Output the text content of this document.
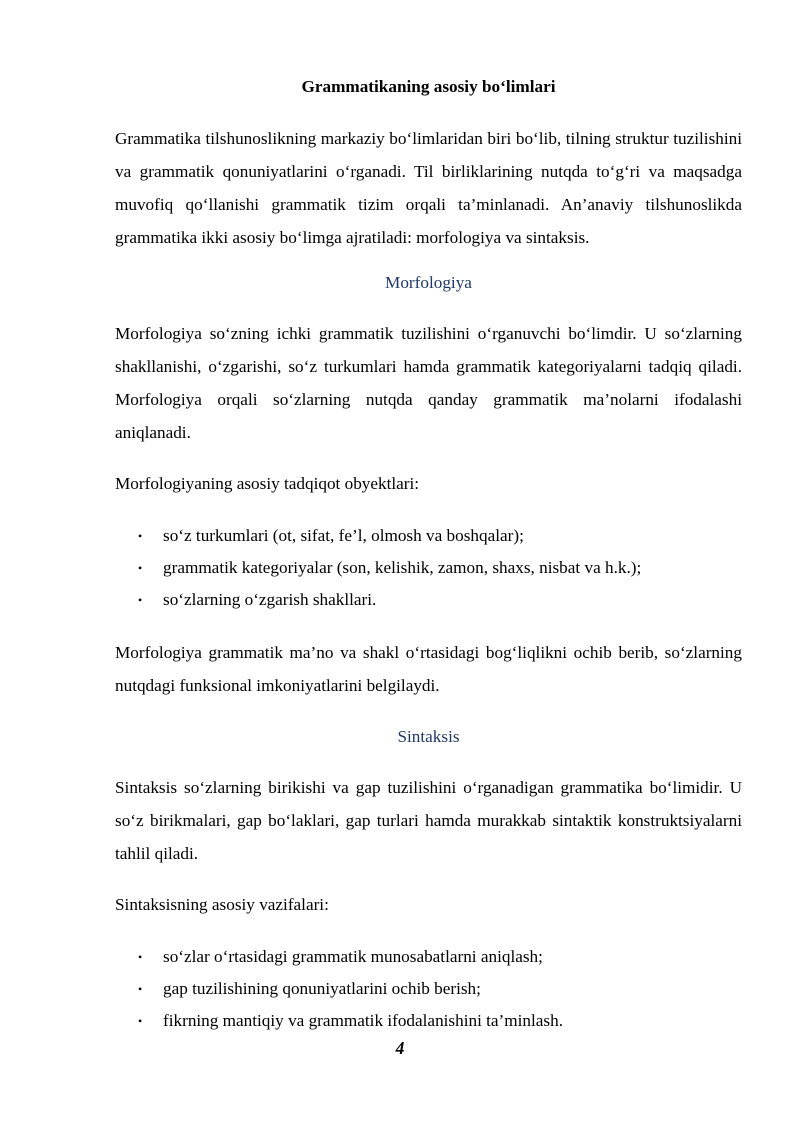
Grammatikaning asosiy bo‘limlari

Grammatika tilshunoslikning markaziy bo‘limlaridan biri bo‘lib, tilning struktur tuzilishini va grammatik qonuniyatlarini o‘rganadi. Til birliklarining nutqda to‘g‘ri va maqsadga muvofiq qo‘llanishi grammatik tizim orqali ta’minlanadi. An’anaviy tilshunoslikda grammatika ikki asosiy bo‘limga ajratiladi: morfologiya va sintaksis.

Morfologiya

Morfologiya so‘zning ichki grammatik tuzilishini o‘rganuvchi bo‘limdir. U so‘zlarning shakllanishi, o‘zgarishi, so‘z turkumlari hamda grammatik kategoriyalarni tadqiq qiladi. Morfologiya orqali so‘zlarning nutqda qanday grammatik ma’nolarni ifodalashi aniqlanadi.

Morfologiyaning asosiy tadqiqot obyektlari:

• so‘z turkumlari (ot, sifat, fe’l, olmosh va boshqalar);
• grammatik kategoriyalar (son, kelishik, zamon, shaxs, nisbat va h.k.);
• so‘zlarning o‘zgarish shakllari.

Morfologiya grammatik ma’no va shakl o‘rtasidagi bog‘liqlikni ochib berib, so‘zlarning nutqdagi funksional imkoniyatlarini belgilaydi.

Sintaksis

Sintaksis so‘zlarning birikishi va gap tuzilishini o‘rganadigan grammatika bo‘limidir. U so‘z birikmalari, gap bo‘laklari, gap turlari hamda murakkab sintaktik konstruktsiyalarni tahlil qiladi.

Sintaksisning asosiy vazifalari:

• so‘zlar o‘rtasidagi grammatik munosabatlarni aniqlash;
• gap tuzilishining qonuniyatlarini ochib berish;
• fikrning mantiqiy va grammatik ifodalanishini ta’minlash.
4
